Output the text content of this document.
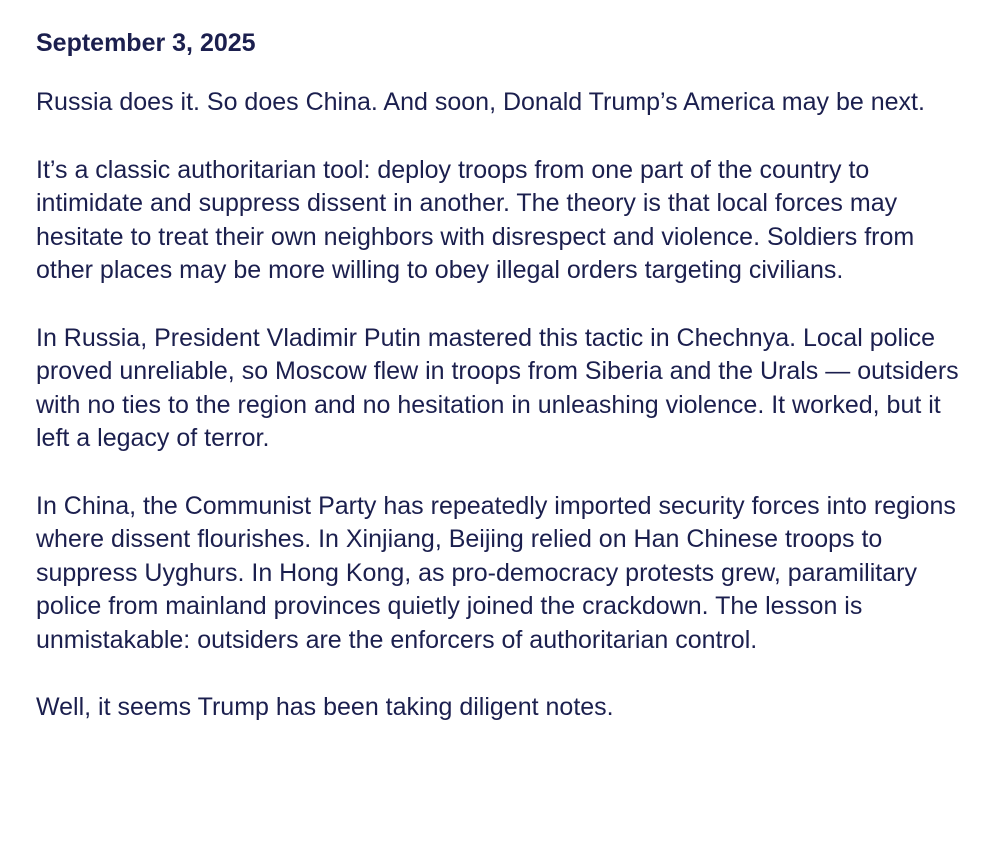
September 3, 2025

Russia does it. So does China. And soon, Donald Trump’s America may be next.

It’s a classic authoritarian tool: deploy troops from one part of the country to intimidate and suppress dissent in another. The theory is that local forces may hesitate to treat their own neighbors with disrespect and violence. Soldiers from other places may be more willing to obey illegal orders targeting civilians.

In Russia, President Vladimir Putin mastered this tactic in Chechnya. Local police proved unreliable, so Moscow flew in troops from Siberia and the Urals — outsiders with no ties to the region and no hesitation in unleashing violence. It worked, but it left a legacy of terror.

In China, the Communist Party has repeatedly imported security forces into regions where dissent flourishes. In Xinjiang, Beijing relied on Han Chinese troops to suppress Uyghurs. In Hong Kong, as pro-democracy protests grew, paramilitary police from mainland provinces quietly joined the crackdown. The lesson is unmistakable: outsiders are the enforcers of authoritarian control.

Well, it seems Trump has been taking diligent notes.
